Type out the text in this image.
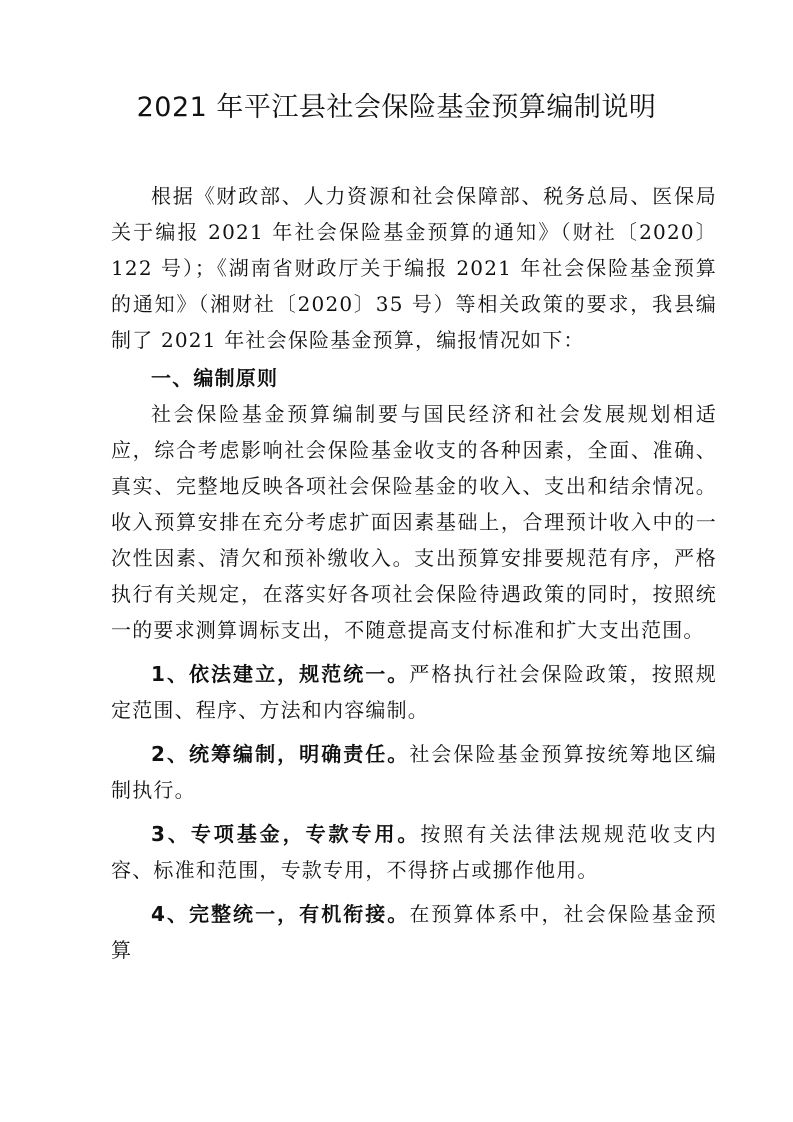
2021 年平江县社会保险基金预算编制说明

根据《财政部、人力资源和社会保障部、税务总局、医保局关于编报 2021 年社会保险基金预算的通知》（财社〔2020〕122 号）；《湖南省财政厅关于编报 2021 年社会保险基金预算的通知》（湘财社〔2020〕35 号）等相关政策的要求，我县编制了 2021 年社会保险基金预算，编报情况如下：

一、编制原则

社会保险基金预算编制要与国民经济和社会发展规划相适应，综合考虑影响社会保险基金收支的各种因素，全面、准确、真实、完整地反映各项社会保险基金的收入、支出和结余情况。收入预算安排在充分考虑扩面因素基础上，合理预计收入中的一次性因素、清欠和预补缴收入。支出预算安排要规范有序，严格执行有关规定，在落实好各项社会保险待遇政策的同时，按照统一的要求测算调标支出，不随意提高支付标准和扩大支出范围。

1、依法建立，规范统一。严格执行社会保险政策，按照规定范围、程序、方法和内容编制。

2、统筹编制，明确责任。社会保险基金预算按统筹地区编制执行。

3、专项基金，专款专用。按照有关法律法规规范收支内容、标准和范围，专款专用，不得挤占或挪作他用。

4、完整统一，有机衔接。在预算体系中，社会保险基金预算
